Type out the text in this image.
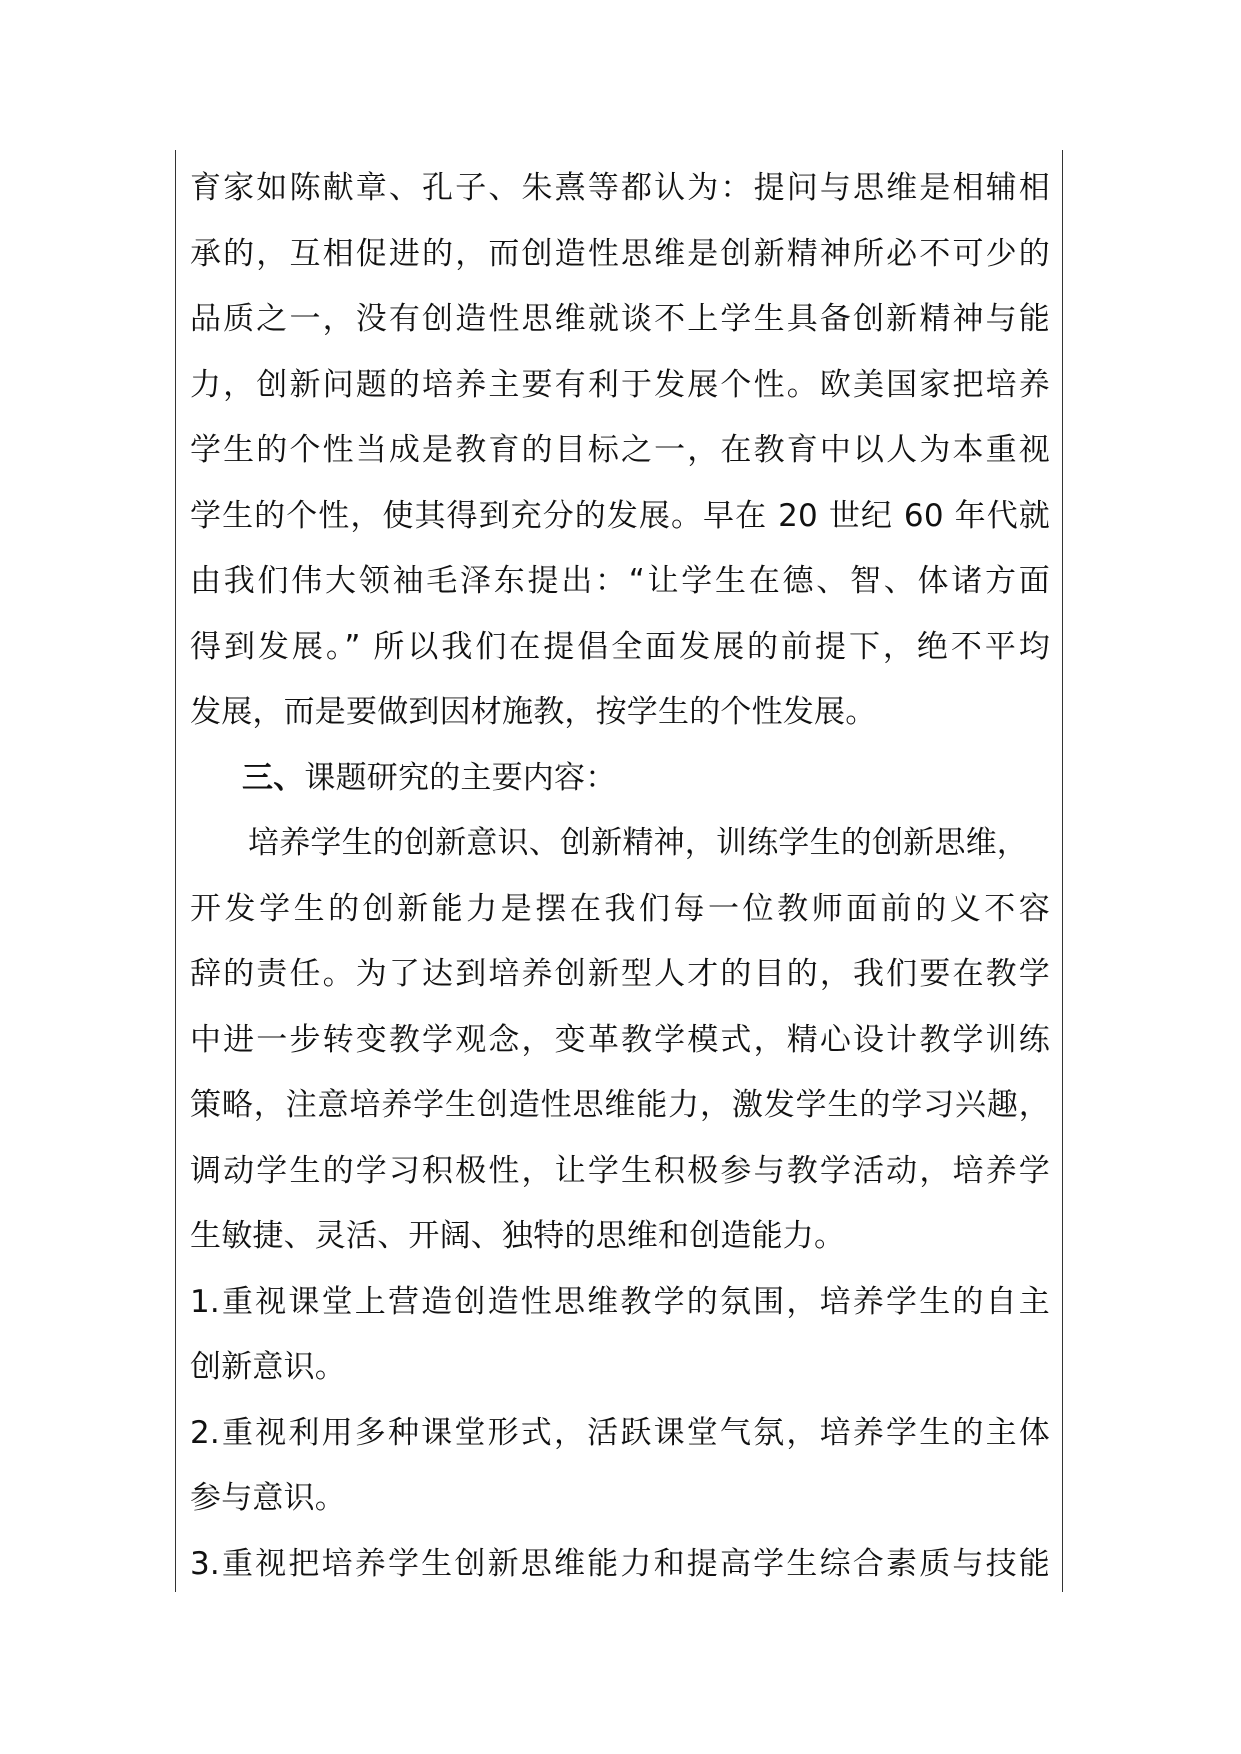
育家如陈献章、孔子、朱熹等都认为：提问与思维是相辅相
承的，互相促进的，而创造性思维是创新精神所必不可少的
品质之一，没有创造性思维就谈不上学生具备创新精神与能
力，创新问题的培养主要有利于发展个性。欧美国家把培养
学生的个性当成是教育的目标之一，在教育中以人为本重视
学生的个性，使其得到充分的发展。早在 20 世纪 60 年代就
由我们伟大领袖毛泽东提出：“让学生在德、智、体诸方面
得到发展。” 所以我们在提倡全面发展的前提下，绝不平均
发展，而是要做到因材施教，按学生的个性发展。
三、课题研究的主要内容：
培养学生的创新意识、创新精神，训练学生的创新思维，
开发学生的创新能力是摆在我们每一位教师面前的义不容
辞的责任。为了达到培养创新型人才的目的，我们要在教学
中进一步转变教学观念，变革教学模式，精心设计教学训练
策略，注意培养学生创造性思维能力，激发学生的学习兴趣，
调动学生的学习积极性，让学生积极参与教学活动，培养学
生敏捷、灵活、开阔、独特的思维和创造能力。
1.重视课堂上营造创造性思维教学的氛围，培养学生的自主
创新意识。
2.重视利用多种课堂形式，活跃课堂气氛，培养学生的主体
参与意识。
3.重视把培养学生创新思维能力和提高学生综合素质与技能
